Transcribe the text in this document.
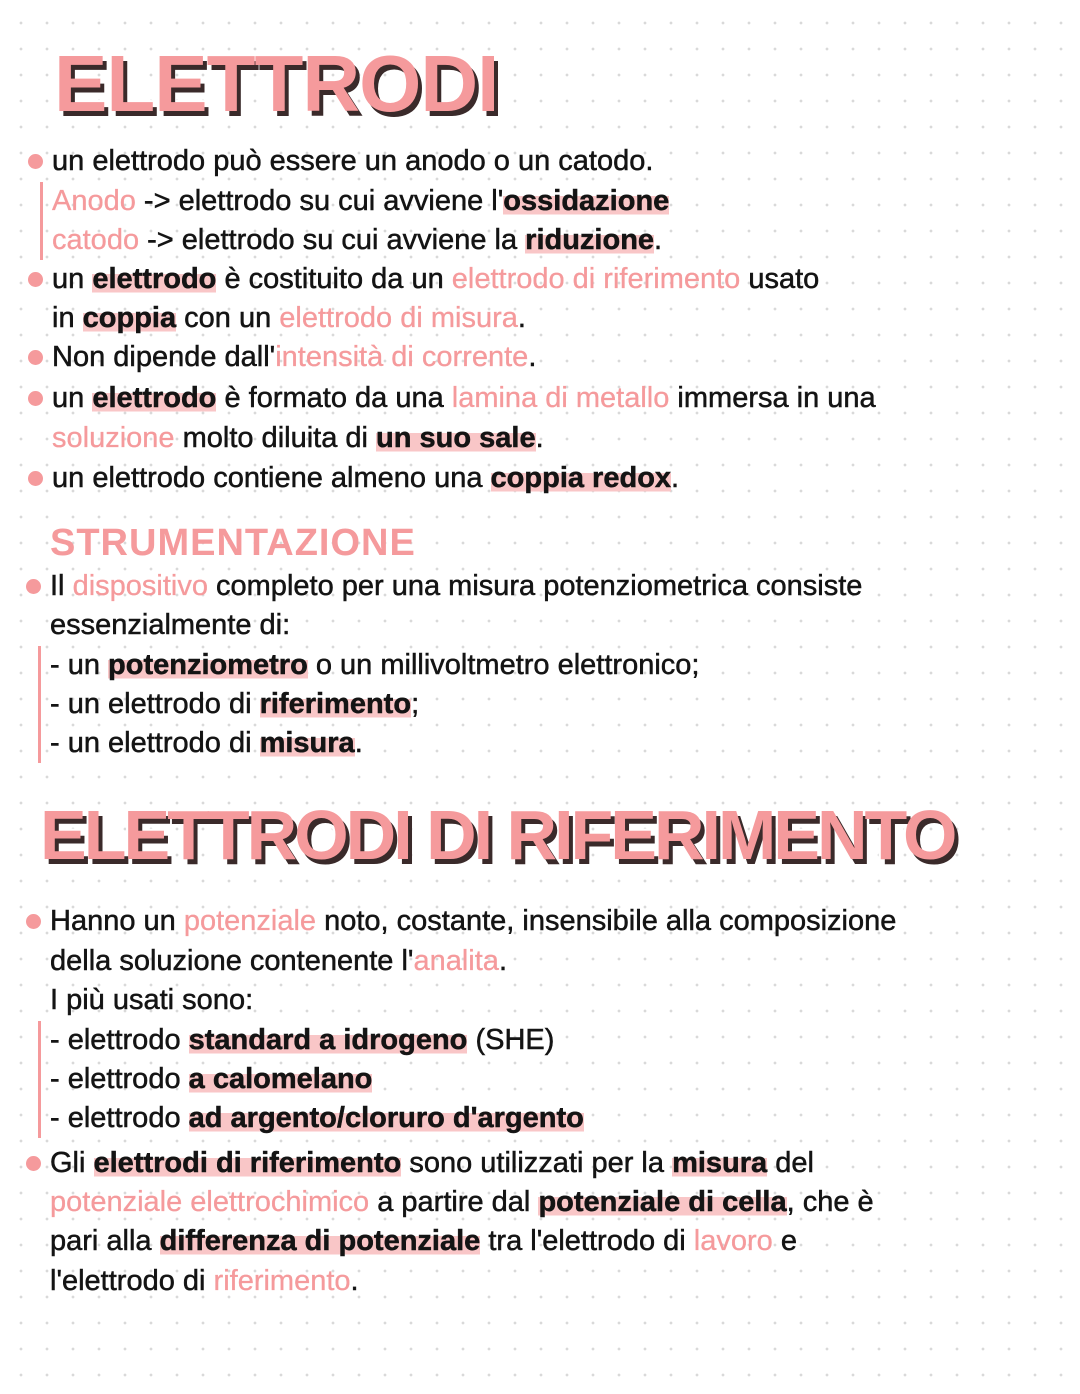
ELETTRODI
STRUMENTAZIONE
ELETTRODI DI RIFERIMENTO
un elettrodo può essere un anodo o un catodo.
Anodo -> elettrodo su cui avviene l'ossidazione
catodo -> elettrodo su cui avviene la riduzione.
un elettrodo è costituito da un elettrodo di riferimento usato
in coppia con un elettrodo di misura.
Non dipende dall'intensità di corrente.
un elettrodo è formato da una lamina di metallo immersa in una
soluzione molto diluita di un suo sale.
un elettrodo contiene almeno una coppia redox.
Il dispositivo completo per una misura potenziometrica consiste
essenzialmente di:
- un potenziometro o un millivoltmetro elettronico;
- un elettrodo di riferimento;
- un elettrodo di misura.
Hanno un potenziale noto, costante, insensibile alla composizione
della soluzione contenente l'analita.
I più usati sono:
- elettrodo standard a idrogeno (SHE)
- elettrodo a calomelano
- elettrodo ad argento/cloruro d'argento
Gli elettrodi di riferimento sono utilizzati per la misura del
potenziale elettrochimico a partire dal potenziale di cella, che è
pari alla differenza di potenziale tra l'elettrodo di lavoro e
l'elettrodo di riferimento.
